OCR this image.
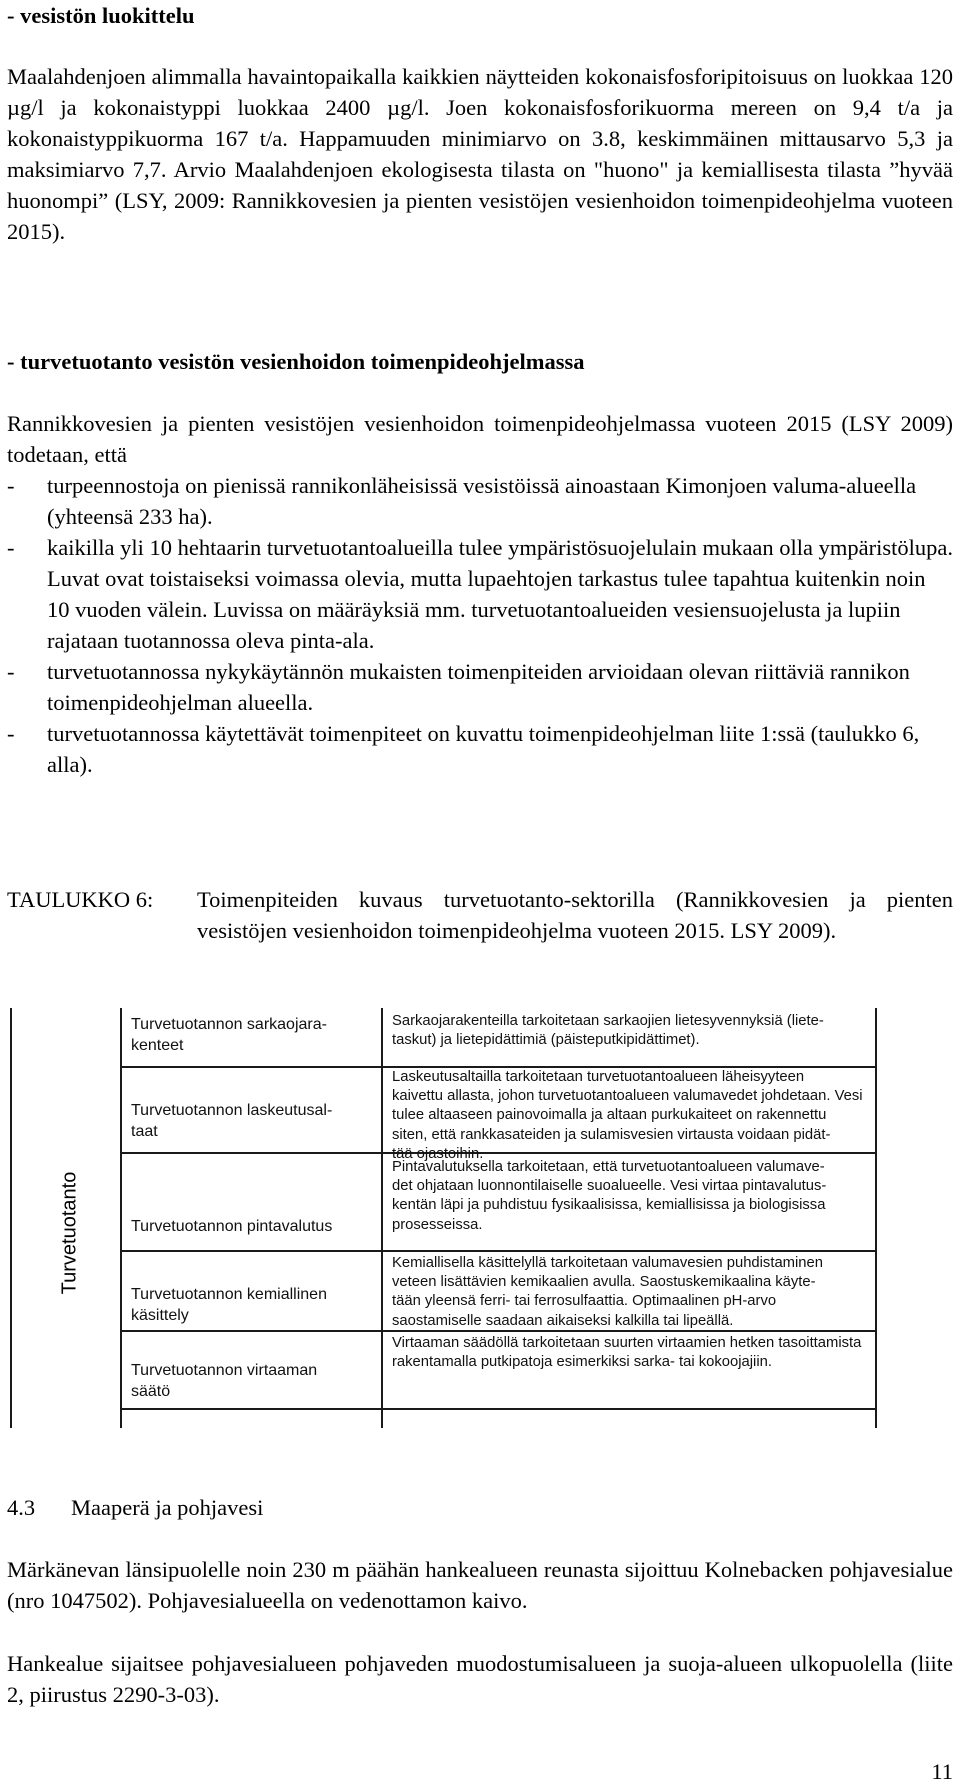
- vesistön luokittelu

Maalahdenjoen alimmalla havaintopaikalla kaikkien näytteiden kokonaisfosforipitoisuus on luokkaa 120 µg/l ja kokonaistyppi luokkaa 2400 µg/l. Joen kokonaisfosforikuorma mereen on 9,4 t/a ja kokonaistyppikuorma 167 t/a. Happamuuden minimiarvo on 3.8, keskimmäinen mittausarvo 5,3 ja maksimiarvo 7,7. Arvio Maalahdenjoen ekologisesta tilasta on "huono" ja kemiallisesta tilasta ”hyvää huonompi” (LSY, 2009: Rannikkovesien ja pienten vesistöjen vesienhoidon toimenpideohjelma vuoteen 2015).

- turvetuotanto vesistön vesienhoidon toimenpideohjelmassa

Rannikkovesien ja pienten vesistöjen vesienhoidon toimenpideohjelmassa vuoteen 2015 (LSY 2009) todetaan, että

- turpeennostoja on pienissä rannikonläheisissä vesistöissä ainoastaan Kimonjoen valuma-alueella (yhteensä 233 ha).
- kaikilla yli 10 hehtaarin turvetuotantoalueilla tulee ympäristösuojelulain mukaan olla ympäristölupa. Luvat ovat toistaiseksi voimassa olevia, mutta lupaehtojen tarkastus tulee tapahtua kuitenkin noin 10 vuoden välein. Luvissa on määräyksiä mm. turvetuotantoalueiden vesiensuojelusta ja lupiin rajataan tuotannossa oleva pinta-ala.
- turvetuotannossa nykykäytännön mukaisten toimenpiteiden arvioidaan olevan riittäviä rannikon toimenpideohjelman alueella.
- turvetuotannossa käytettävät toimenpiteet on kuvattu toimenpideohjelman liite 1:ssä (taulukko 6, alla).
TAULUKKO 6: Toimenpiteiden kuvaus turvetuotanto-sektorilla (Rannikkovesien ja pienten vesistöjen vesienhoidon toimenpideohjelma vuoteen 2015. LSY 2009).
Turvetuotanto
Turvetuotannon sarkaojara-
kenteet
Sarkaojarakenteilla tarkoitetaan sarkaojien lietesyvennyksiä (liete-
taskut) ja lietepidättimiä (päisteputkipidättimet).
Turvetuotannon laskeutusal-
taat
Laskeutusaltailla tarkoitetaan turvetuotantoalueen läheisyyteen
kaivettu allasta, johon turvetuotantoalueen valumavedet johdetaan. Vesi
tulee altaaseen painovoimalla ja altaan purkukaiteet on rakennettu
siten, että rankkasateiden ja sulamisvesien virtausta voidaan pidät-
tää ojastoihin.
Turvetuotannon pintavalutus
Pintavalutuksella tarkoitetaan, että turvetuotantoalueen valumave-
det ohjataan luonnontilaiselle suoalueelle. Vesi virtaa pintavalutus-
kentän läpi ja puhdistuu fysikaalisissa, kemiallisissa ja biologisissa
prosesseissa.
Turvetuotannon kemiallinen
käsittely
Kemiallisella käsittelyllä tarkoitetaan valumavesien puhdistaminen
veteen lisättävien kemikaalien avulla. Saostuskemikaalina käyte-
tään yleensä ferri- tai ferrosulfaattia. Optimaalinen pH-arvo
saostamiselle saadaan aikaiseksi kalkilla tai lipeällä.
Turvetuotannon virtaaman
säätö
Virtaaman säädöllä tarkoitetaan suurten virtaamien hetken tasoittamista
rakentamalla putkipatoja esimerkiksi sarka- tai kokoojajiin.
4.3 Maaperä ja pohjavesi

Märkänevan länsipuolelle noin 230 m päähän hankealueen reunasta sijoittuu Kolnebacken pohjavesialue (nro 1047502). Pohjavesialueella on vedenottamon kaivo.

Hankealue sijaitsee pohjavesialueen pohjaveden muodostumisalueen ja suoja-alueen ulkopuolella (liite 2, piirustus 2290-3-03).

11
